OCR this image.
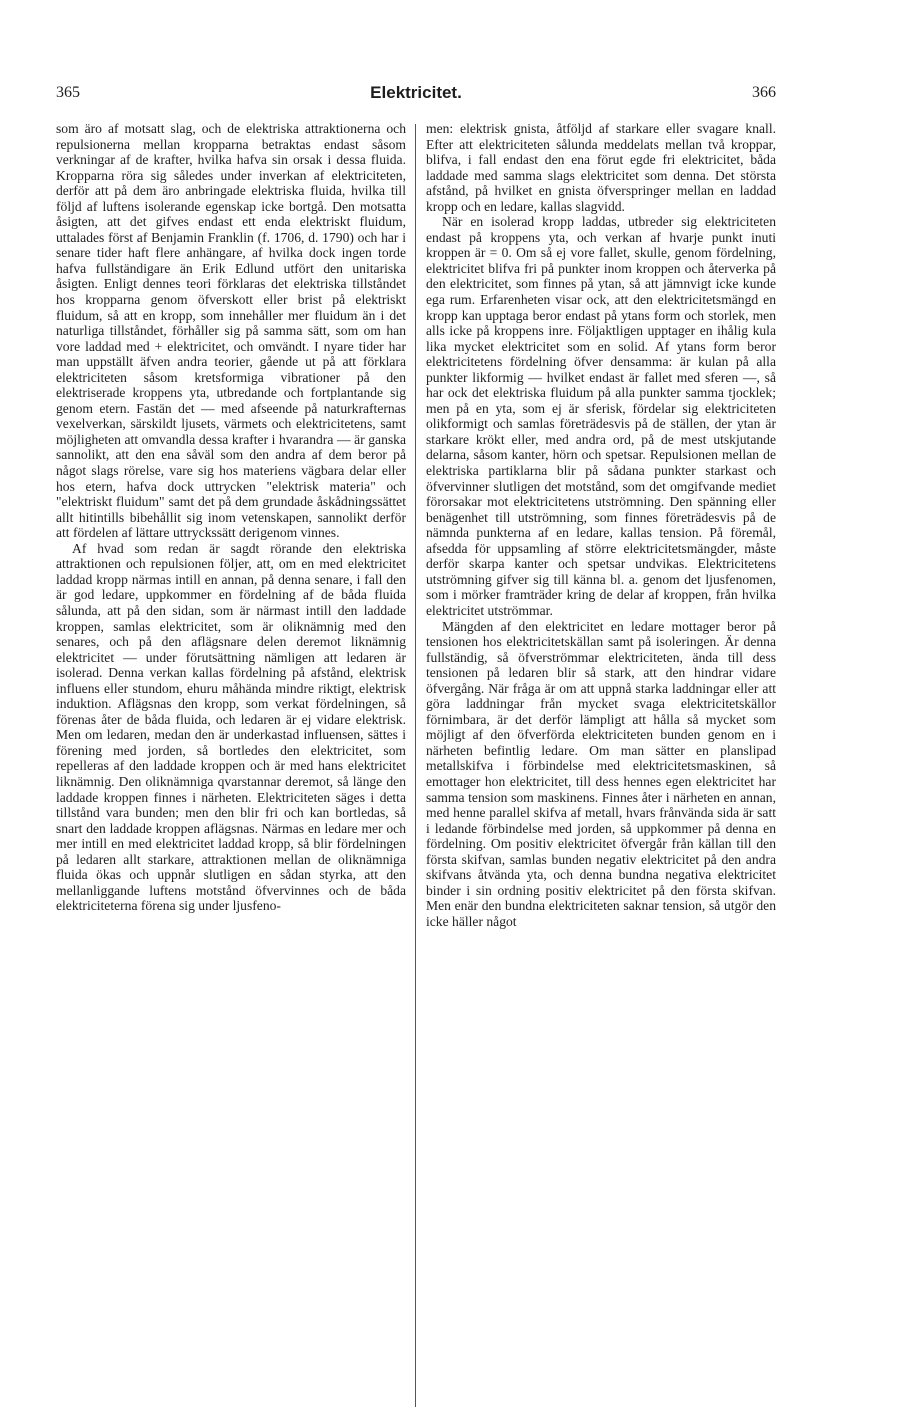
365	Elektricitet.	366

som äro af motsatt slag, och de elektriska attraktionerna och repulsionerna mellan kropparna betraktas endast såsom verkningar af de krafter, hvilka hafva sin orsak i dessa fluida. Kropparna röra sig således under inverkan af elektriciteten, derför att på dem äro anbringade elektriska fluida, hvilka till följd af luftens isolerande egenskap icke bortgå. Den motsatta åsigten, att det gifves endast ett enda elektriskt fluidum, uttalades först af Benjamin Franklin (f. 1706, d. 1790) och har i senare tider haft flere anhängare, af hvilka dock ingen torde hafva fullständigare än Erik Edlund utfört den unitariska åsigten. Enligt dennes teori förklaras det elektriska tillståndet hos kropparna genom öfverskott eller brist på elektriskt fluidum, så att en kropp, som innehåller mer fluidum än i det naturliga tillståndet, förhåller sig på samma sätt, som om han vore laddad med + elektricitet, och omvändt. I nyare tider har man uppställt äfven andra teorier, gående ut på att förklara elektriciteten såsom kretsformiga vibrationer på den elektriserade kroppens yta, utbredande och fortplantande sig genom etern. Fastän det — med afseende på naturkrafternas vexelverkan, särskildt ljusets, värmets och elektricitetens, samt möjligheten att omvandla dessa krafter i hvarandra — är ganska sannolikt, att den ena såväl som den andra af dem beror på något slags rörelse, vare sig hos materiens vägbara delar eller hos etern, hafva dock uttrycken "elektrisk materia" och "elektriskt fluidum" samt det på dem grundade åskådningssättet allt hitintills bibehållit sig inom vetenskapen, sannolikt derför att fördelen af lättare uttryckssätt derigenom vinnes.

Af hvad som redan är sagdt rörande den elektriska attraktionen och repulsionen följer, att, om en med elektricitet laddad kropp närmas intill en annan, på denna senare, i fall den är god ledare, uppkommer en fördelning af de båda fluida sålunda, att på den sidan, som är närmast intill den laddade kroppen, samlas elektricitet, som är oliknämnig med den senares, och på den aflägsnare delen deremot liknämnig elektricitet — under förutsättning nämligen att ledaren är isolerad. Denna verkan kallas fördelning på afstånd, elektrisk influens eller stundom, ehuru måhända mindre riktigt, elektrisk induktion. Aflägsnas den kropp, som verkat fördelningen, så förenas åter de båda fluida, och ledaren är ej vidare elektrisk. Men om ledaren, medan den är underkastad influensen, sättes i förening med jorden, så bortledes den elektricitet, som repelleras af den laddade kroppen och är med hans elektricitet liknämnig. Den oliknämniga qvarstannar deremot, så länge den laddade kroppen finnes i närheten. Elektriciteten säges i detta tillstånd vara bunden; men den blir fri och kan bortledas, så snart den laddade kroppen aflägsnas. Närmas en ledare mer och mer intill en med elektricitet laddad kropp, så blir fördelningen på ledaren allt starkare, attraktionen mellan de oliknämniga fluida ökas och uppnår slutligen en sådan styrka, att den mellanliggande luftens motstånd öfvervinnes och de båda elektriciteterna förena sig under ljusfeno-

men: elektrisk gnista, åtföljd af starkare eller svagare knall. Efter att elektriciteten sålunda meddelats mellan två kroppar, blifva, i fall endast den ena förut egde fri elektricitet, båda laddade med samma slags elektricitet som denna. Det största afstånd, på hvilket en gnista öfverspringer mellan en laddad kropp och en ledare, kallas slagvidd.

När en isolerad kropp laddas, utbreder sig elektriciteten endast på kroppens yta, och verkan af hvarje punkt inuti kroppen är = 0. Om så ej vore fallet, skulle, genom fördelning, elektricitet blifva fri på punkter inom kroppen och återverka på den elektricitet, som finnes på ytan, så att jämnvigt icke kunde ega rum. Erfarenheten visar ock, att den elektricitetsmängd en kropp kan upptaga beror endast på ytans form och storlek, men alls icke på kroppens inre. Följaktligen upptager en ihålig kula lika mycket elektricitet som en solid. Af ytans form beror elektricitetens fördelning öfver densamma: är kulan på alla punkter likformig — hvilket endast är fallet med sferen —, så har ock det elektriska fluidum på alla punkter samma tjocklek; men på en yta, som ej är sferisk, fördelar sig elektriciteten olikformigt och samlas företrädesvis på de ställen, der ytan är starkare krökt eller, med andra ord, på de mest utskjutande delarna, såsom kanter, hörn och spetsar. Repulsionen mellan de elektriska partiklarna blir på sådana punkter starkast och öfvervinner slutligen det motstånd, som det omgifvande mediet förorsakar mot elektricitetens utströmning. Den spänning eller benägenhet till utströmning, som finnes företrädesvis på de nämnda punkterna af en ledare, kallas tension. På föremål, afsedda för uppsamling af större elektricitetsmängder, måste derför skarpa kanter och spetsar undvikas. Elektricitetens utströmning gifver sig till känna bl. a. genom det ljusfenomen, som i mörker framträder kring de delar af kroppen, från hvilka elektricitet utströmmar.

Mängden af den elektricitet en ledare mottager beror på tensionen hos elektricitetskällan samt på isoleringen. Är denna fullständig, så öfverströmmar elektriciteten, ända till dess tensionen på ledaren blir så stark, att den hindrar vidare öfvergång. När fråga är om att uppnå starka laddningar eller att göra laddningar från mycket svaga elektricitetskällor förnimbara, är det derför lämpligt att hålla så mycket som möjligt af den öfverförda elektriciteten bunden genom en i närheten befintlig ledare. Om man sätter en planslipad metallskifva i förbindelse med elektricitetsmaskinen, så emottager hon elektricitet, till dess hennes egen elektricitet har samma tension som maskinens. Finnes åter i närheten en annan, med henne parallel skifva af metall, hvars frånvända sida är satt i ledande förbindelse med jorden, så uppkommer på denna en fördelning. Om positiv elektricitet öfvergår från källan till den första skifvan, samlas bunden negativ elektricitet på den andra skifvans åtvända yta, och denna bundna negativa elektricitet binder i sin ordning positiv elektricitet på den första skifvan. Men enär den bundna elektriciteten saknar tension, så utgör den icke häller något
